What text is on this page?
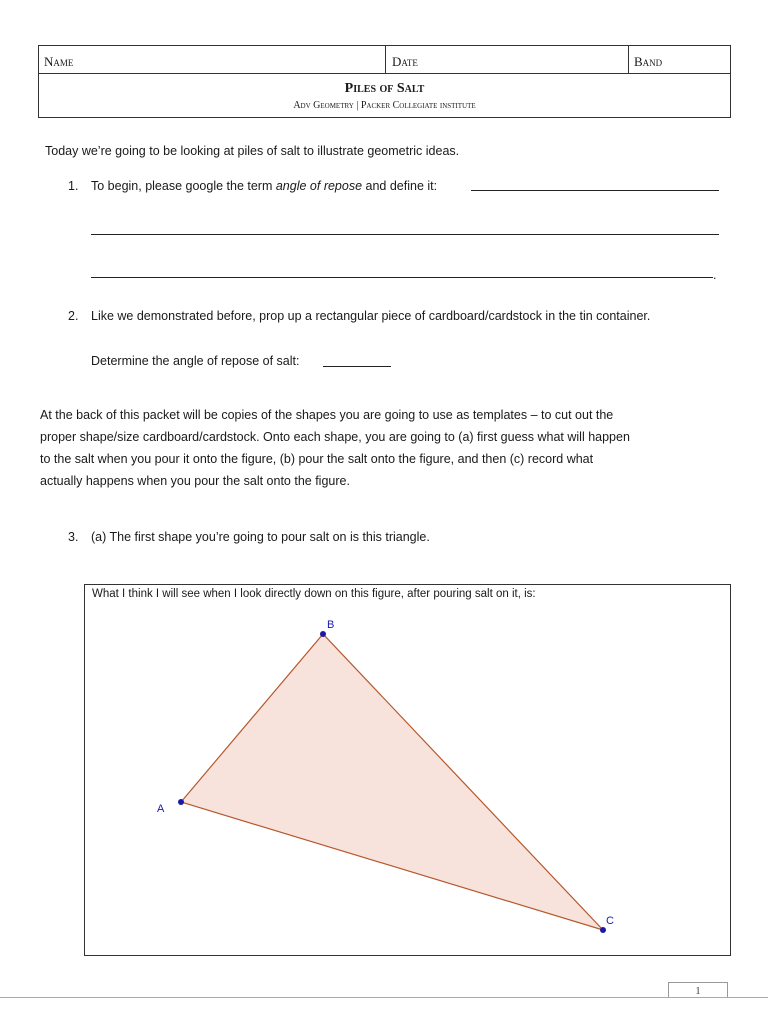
Name	Date	Band
Piles of Salt
Adv Geometry | Packer Collegiate institute
Today we’re going to be looking at piles of salt to illustrate geometric ideas.
1. To begin, please google the term angle of repose and define it:
.
2. Like we demonstrated before, prop up a rectangular piece of cardboard/cardstock in the tin container.
Determine the angle of repose of salt:
At the back of this packet will be copies of the shapes you are going to use as templates – to cut out the
proper shape/size cardboard/cardstock. Onto each shape, you are going to (a) first guess what will happen
to the salt when you pour it onto the figure, (b) pour the salt onto the figure, and then (c) record what
actually happens when you pour the salt onto the figure.
3. (a) The first shape you’re going to pour salt on is this triangle.
What I think I will see when I look directly down on this figure, after pouring salt on it, is:
A
B
C
1
